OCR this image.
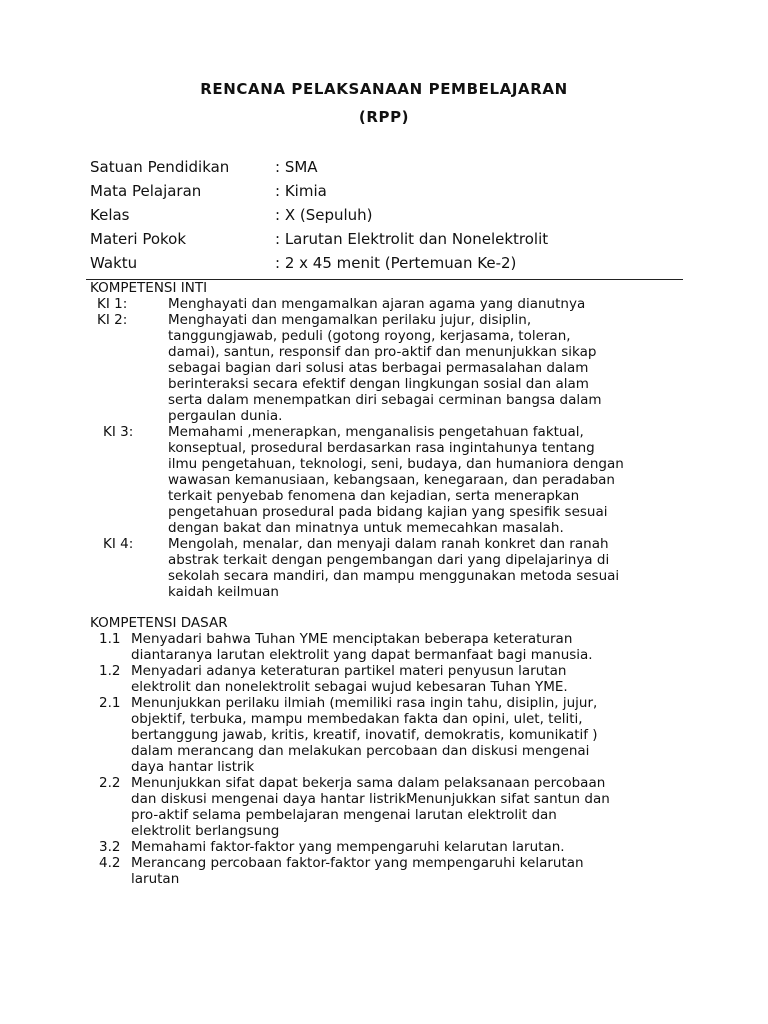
RENCANA PELAKSANAAN PEMBELAJARAN
(RPP)
Satuan Pendidikan	: SMA
Mata Pelajaran	: Kimia
Kelas	: X (Sepuluh)
Materi Pokok	: Larutan Elektrolit dan Nonelektrolit
Waktu	: 2 x 45 menit (Pertemuan Ke-2)
KOMPETENSI INTI
KI 1:	Menghayati dan mengamalkan ajaran agama yang dianutnya
KI 2:	Menghayati dan mengamalkan perilaku jujur, disiplin,
tanggungjawab, peduli (gotong royong, kerjasama, toleran,
damai), santun, responsif dan pro-aktif dan menunjukkan sikap
sebagai bagian dari solusi atas berbagai permasalahan dalam
berinteraksi secara efektif dengan lingkungan sosial dan alam
serta dalam menempatkan diri sebagai cerminan bangsa dalam
pergaulan dunia.
KI 3:	Memahami ,menerapkan, menganalisis pengetahuan faktual,
konseptual, prosedural berdasarkan rasa ingintahunya tentang
ilmu pengetahuan, teknologi, seni, budaya, dan humaniora dengan
wawasan kemanusiaan, kebangsaan, kenegaraan, dan peradaban
terkait penyebab fenomena dan kejadian, serta menerapkan
pengetahuan prosedural pada bidang kajian yang spesifik sesuai
dengan bakat dan minatnya untuk memecahkan masalah.
KI 4:	Mengolah, menalar, dan menyaji dalam ranah konkret dan ranah
abstrak terkait dengan pengembangan dari yang dipelajarinya di
sekolah secara mandiri, dan mampu menggunakan metoda sesuai
kaidah keilmuan
KOMPETENSI DASAR
1.1 Menyadari bahwa Tuhan YME menciptakan beberapa keteraturan
diantaranya larutan elektrolit yang dapat bermanfaat bagi manusia.
1.2 Menyadari adanya keteraturan partikel materi penyusun larutan
elektrolit dan nonelektrolit sebagai wujud kebesaran Tuhan YME.
2.1 Menunjukkan perilaku ilmiah (memiliki rasa ingin tahu, disiplin, jujur,
objektif, terbuka, mampu membedakan fakta dan opini, ulet, teliti,
bertanggung jawab, kritis, kreatif, inovatif, demokratis, komunikatif )
dalam merancang dan melakukan percobaan dan diskusi mengenai
daya hantar listrik
2.2 Menunjukkan sifat dapat bekerja sama dalam pelaksanaan percobaan
dan diskusi mengenai daya hantar listrikMenunjukkan sifat santun dan
pro-aktif selama pembelajaran mengenai larutan elektrolit dan
elektrolit berlangsung
3.2 Memahami faktor-faktor yang mempengaruhi kelarutan larutan.
4.2 Merancang percobaan faktor-faktor yang mempengaruhi kelarutan
larutan
